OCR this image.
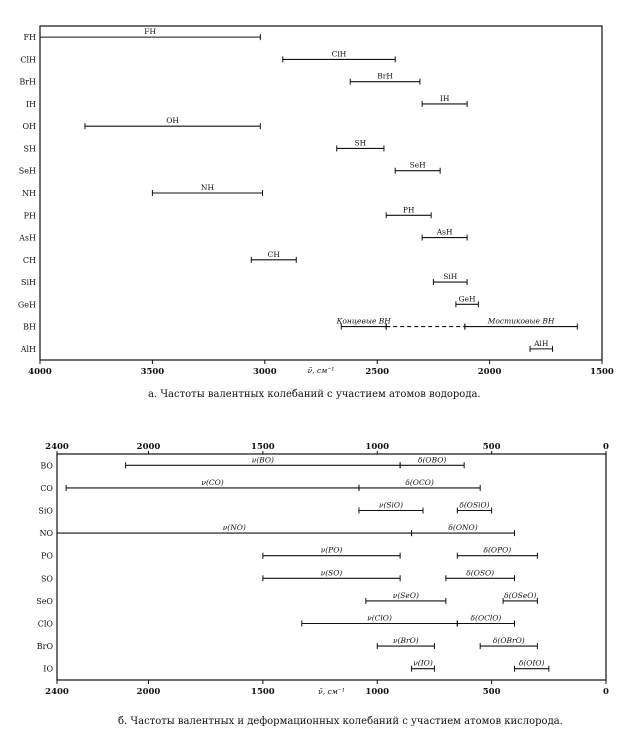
4000	3500	3000	2500	2000	1500
ν̃, см⁻¹
FH
FH
ClH
ClH
BrH
BrH
IH
IH
OH
OH
SH
SH
SeH
SeH
NH
NH
PH
PH
AsH
AsH
CH
CH
SiH
SiH
GeH
GeH
BH
Концевые BH	Мостиковые BH
AlH
AlH
2400	2000	1500	1000	500	0
2400	2000	1500	1000	500	0
ν̃, см⁻¹
BO
ν(BO)	δ(OBO)
CO
ν(CO)	δ(OCO)
SiO
ν(SiO)	δ(OSiO)
NO
ν(NO)	δ(ONO)
PO
ν(PO)	δ(OPO)
SO
ν(SO)	δ(OSO)
SeO
ν(SeO)	δ(OSeO)
ClO
ν(ClO)	δ(OClO)
BrO
ν(BrO)	δ(OBrO)
IO
ν(IO)	δ(OIO)
а. Частоты валентных колебаний с участием атомов водорода.
б. Частоты валентных и деформационных колебаний с участием атомов кислорода.
